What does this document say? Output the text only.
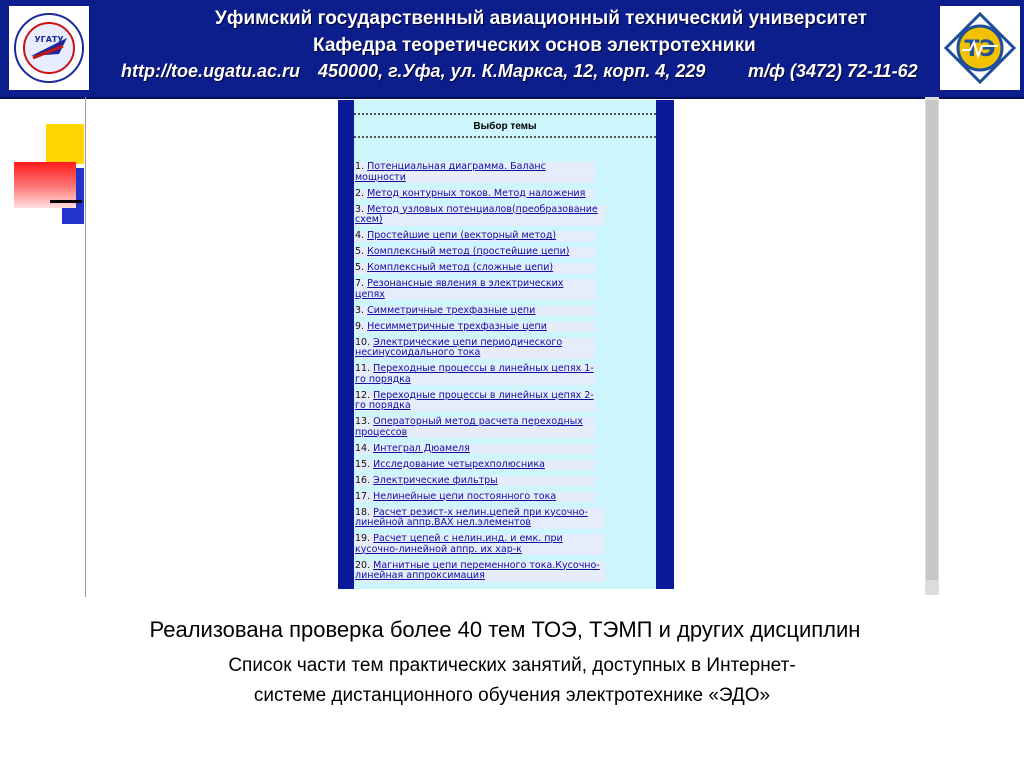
УГАТУ
Уфимский государственный авиационный технический университет
Кафедра теоретических основ электротехники
http://toe.ugatu.ac.ru 450000, г.Уфа, ул. К.Маркса, 12, корп. 4, 229 т/ф (3472) 72-11-62
ТЭ
Выбор темы
1. Потенциальная диаграмма. Баланс мощности
2. Метод контурных токов. Метод наложения
3. Метод узловых потенциалов(преобразование схем)
4. Простейшие цепи (векторный метод)
5. Комплексный метод (простейшие цепи)
5. Комплексный метод (сложные цепи)
7. Резонансные явления в электрических цепях
3. Симметричные трехфазные цепи
9. Несимметричные трехфазные цепи
10. Электрические цепи периодического несинусоидального тока
11. Переходные процессы в линейных цепях 1-го порядка
12. Переходные процессы в линейных цепях 2-го порядка
13. Операторный метод расчета переходных процессов
14. Интеграл Дюамеля
15. Исследование четырехполюсника
16. Электрические фильтры
17. Нелинейные цепи постоянного тока
18. Расчет резист-х нелин.цепей при кусочно-линейной аппр.ВАХ нел.элементов
19. Расчет цепей с нелин.инд. и емк. при кусочно-линейной аппр. их хар-к
20. Магнитные цепи переменного тока.Кусочно-линейная аппроксимация
Реализована проверка более 40 тем ТОЭ, ТЭМП и других дисциплин
Список части тем практических занятий, доступных в Интернет-
системе дистанционного обучения электротехнике «ЭДО»
